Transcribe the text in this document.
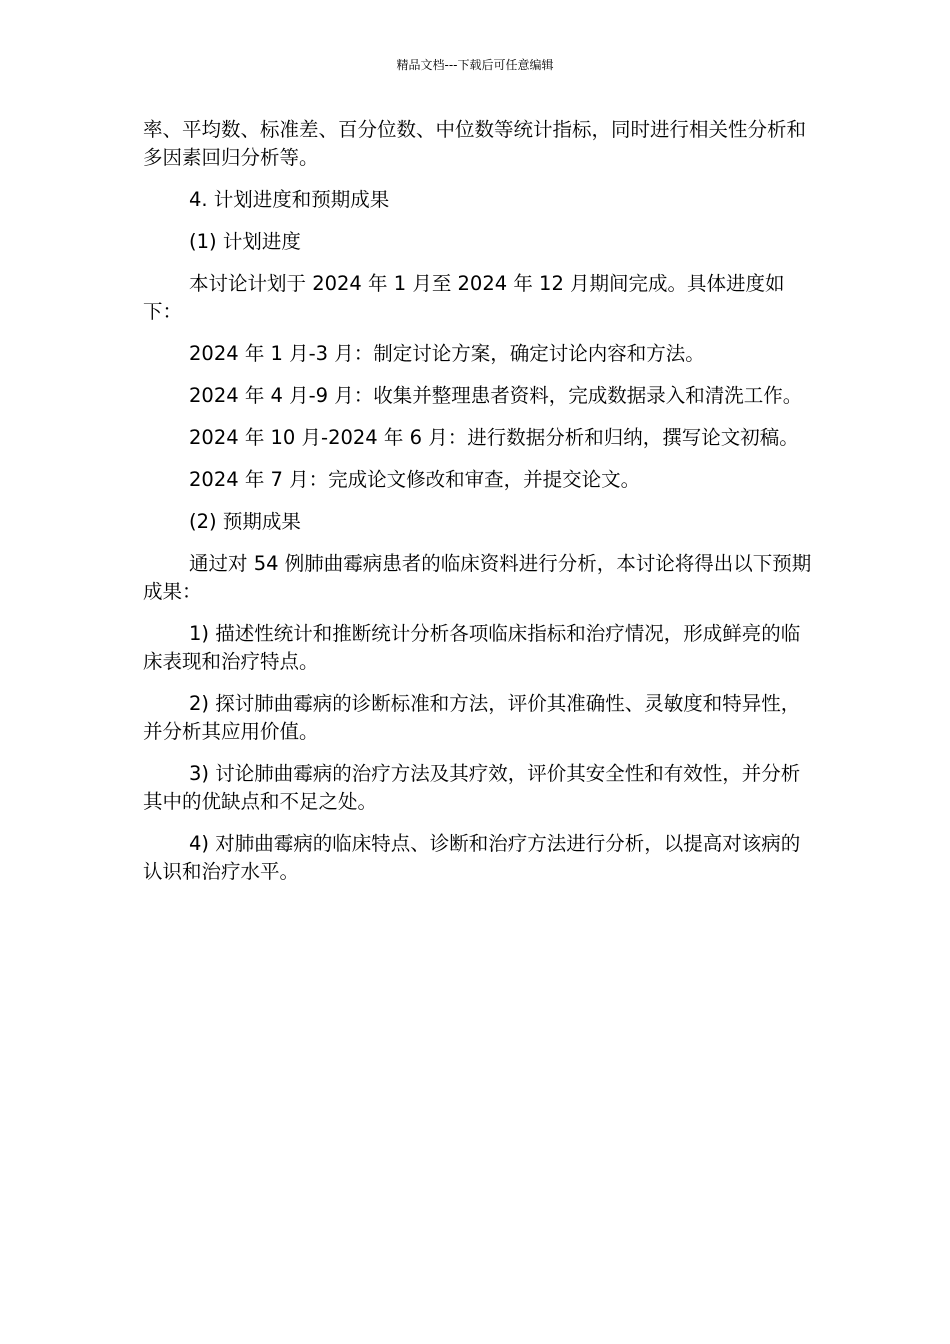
精品文档---下载后可任意编辑

率、平均数、标准差、百分位数、中位数等统计指标，同时进行相关性分析和多因素回归分析等。

4. 计划进度和预期成果

(1) 计划进度

本讨论计划于 2024 年 1 月至 2024 年 12 月期间完成。具体进度如下：

2024 年 1 月-3 月：制定讨论方案，确定讨论内容和方法。

2024 年 4 月-9 月：收集并整理患者资料，完成数据录入和清洗工作。

2024 年 10 月-2024 年 6 月：进行数据分析和归纳，撰写论文初稿。

2024 年 7 月：完成论文修改和审查，并提交论文。

(2) 预期成果

通过对 54 例肺曲霉病患者的临床资料进行分析，本讨论将得出以下预期成果：

1) 描述性统计和推断统计分析各项临床指标和治疗情况，形成鲜亮的临床表现和治疗特点。

2) 探讨肺曲霉病的诊断标准和方法，评价其准确性、灵敏度和特异性，并分析其应用价值。

3) 讨论肺曲霉病的治疗方法及其疗效，评价其安全性和有效性，并分析其中的优缺点和不足之处。

4) 对肺曲霉病的临床特点、诊断和治疗方法进行分析，以提高对该病的认识和治疗水平。
